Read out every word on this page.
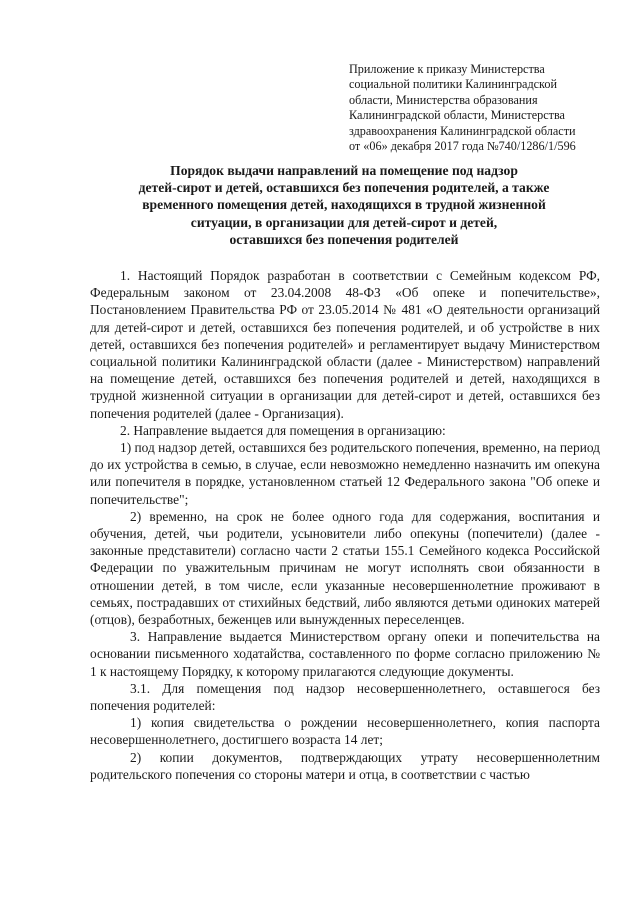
Приложение к приказу Министерства
социальной политики Калининградской
области, Министерства образования
Калининградской области, Министерства
здравоохранения Калининградской области
от «06» декабря 2017 года №740/1286/1/596
Порядок выдачи направлений на помещение под надзор
детей-сирот и детей, оставшихся без попечения родителей, а также
временного помещения детей, находящихся в трудной жизненной
ситуации, в организации для детей-сирот и детей,
оставшихся без попечения родителей

1. Настоящий Порядок разработан в соответствии с Семейным кодексом РФ, Федеральным законом от 23.04.2008 48-ФЗ «Об опеке и попечительстве», Постановлением Правительства РФ от 23.05.2014 № 481 «О деятельности организаций для детей-сирот и детей, оставшихся без попечения родителей, и об устройстве в них детей, оставшихся без попечения родителей» и регламентирует выдачу Министерством социальной политики Калининградской области (далее - Министерством) направлений на помещение детей, оставшихся без попечения родителей и детей, находящихся в трудной жизненной ситуации в организации для детей-сирот и детей, оставшихся без попечения родителей (далее - Организация).

2. Направление выдается для помещения в организацию:

1) под надзор детей, оставшихся без родительского попечения, временно, на период до их устройства в семью, в случае, если невозможно немедленно назначить им опекуна или попечителя в порядке, установленном статьей 12 Федерального закона "Об опеке и попечительстве";

2) временно, на срок не более одного года для содержания, воспитания и обучения, детей, чьи родители, усыновители либо опекуны (попечители) (далее - законные представители) согласно части 2 статьи 155.1 Семейного кодекса Российской Федерации по уважительным причинам не могут исполнять свои обязанности в отношении детей, в том числе, если указанные несовершеннолетние проживают в семьях, пострадавших от стихийных бедствий, либо являются детьми одиноких матерей (отцов), безработных, беженцев или вынужденных переселенцев.

3. Направление выдается Министерством органу опеки и попечительства на основании письменного ходатайства, составленного по форме согласно приложению № 1 к настоящему Порядку, к которому прилагаются следующие документы.

3.1. Для помещения под надзор несовершеннолетнего, оставшегося без попечения родителей:

1) копия свидетельства о рождении несовершеннолетнего, копия паспорта несовершеннолетнего, достигшего возраста 14 лет;

2) копии документов, подтверждающих утрату несовершеннолетним родительского попечения со стороны матери и отца, в соответствии с частью
